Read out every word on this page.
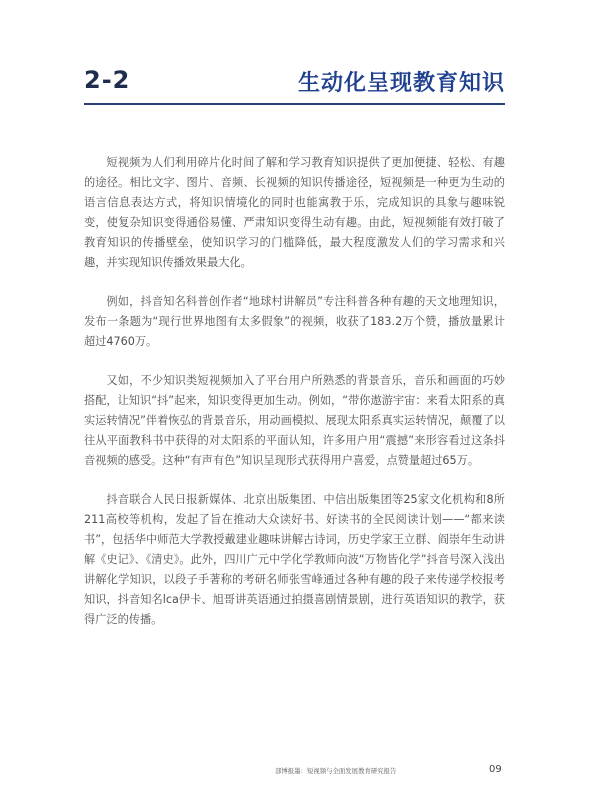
2-2	生动化呈现教育知识

短视频为人们利用碎片化时间了解和学习教育知识提供了更加便捷、轻松、有趣的途径。相比文字、图片、音频、长视频的知识传播途径，短视频是一种更为生动的语言信息表达方式，将知识情境化的同时也能寓教于乐，完成知识的具象与趣味锐变，使复杂知识变得通俗易懂、严肃知识变得生动有趣。由此，短视频能有效打破了教育知识的传播壁垒，使知识学习的门槛降低，最大程度激发人们的学习需求和兴趣，并实现知识传播效果最大化。

例如，抖音知名科普创作者“地球村讲解员”专注科普各种有趣的天文地理知识，发布一条题为“现行世界地图有太多假象”的视频，收获了183.2万个赞，播放量累计超过4760万。

又如，不少知识类短视频加入了平台用户所熟悉的背景音乐，音乐和画面的巧妙搭配，让知识“抖”起来，知识变得更加生动。例如，“带你遨游宇宙：来看太阳系的真实运转情况”伴着恢弘的背景音乐，用动画模拟、展现太阳系真实运转情况，颠覆了以往从平面教科书中获得的对太阳系的平面认知，许多用户用“震撼”来形容看过这条抖音视频的感受。这种“有声有色”知识呈现形式获得用户喜爱，点赞量超过65万。

抖音联合人民日报新媒体、北京出版集团、中信出版集团等25家文化机构和8所211高校等机构，发起了旨在推动大众读好书、好读书的全民阅读计划——“都来读书”，包括华中师范大学教授戴建业趣味讲解古诗词，历史学家王立群、阎崇年生动讲解《史记》、《清史》。此外，四川广元中学化学教师向波“万物皆化学”抖音号深入浅出讲解化学知识，以段子手著称的考研名师张雪峰通过各种有趣的段子来传递学校报考知识，抖音知名lca伊卡、旭哥讲英语通过拍摄喜剧情景剧，进行英语知识的教学，获得广泛的传播。

部博报墨：短视频与全面发展教育研究报告	09
